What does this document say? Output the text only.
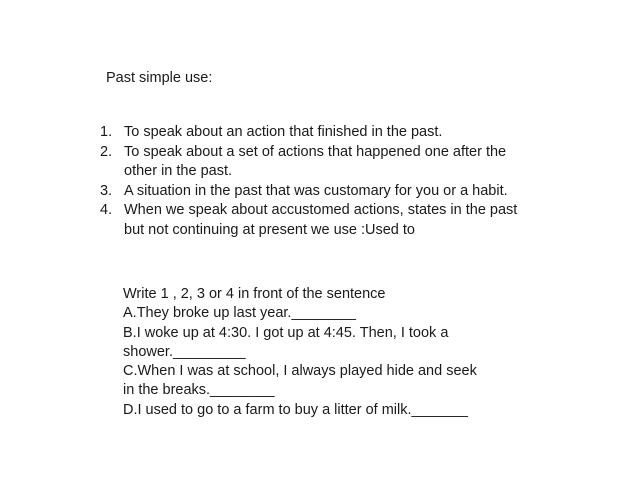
Past simple use:
1. To speak about an action that finished in the past.
2. To speak about a set of actions that happened one after the other in the past.
3. A situation in the past that was customary for you or a habit.
4. When we speak about accustomed actions, states in the past but not continuing at present we use :Used to
Write 1 , 2, 3 or 4 in front of the sentence
A.They broke up last year.________
B.I woke up at 4:30. I got up at 4:45. Then, I took a
shower._________
C.When I was at school, I always played hide and seek
in the breaks.________
D.I used to go to a farm to buy a litter of milk._______
